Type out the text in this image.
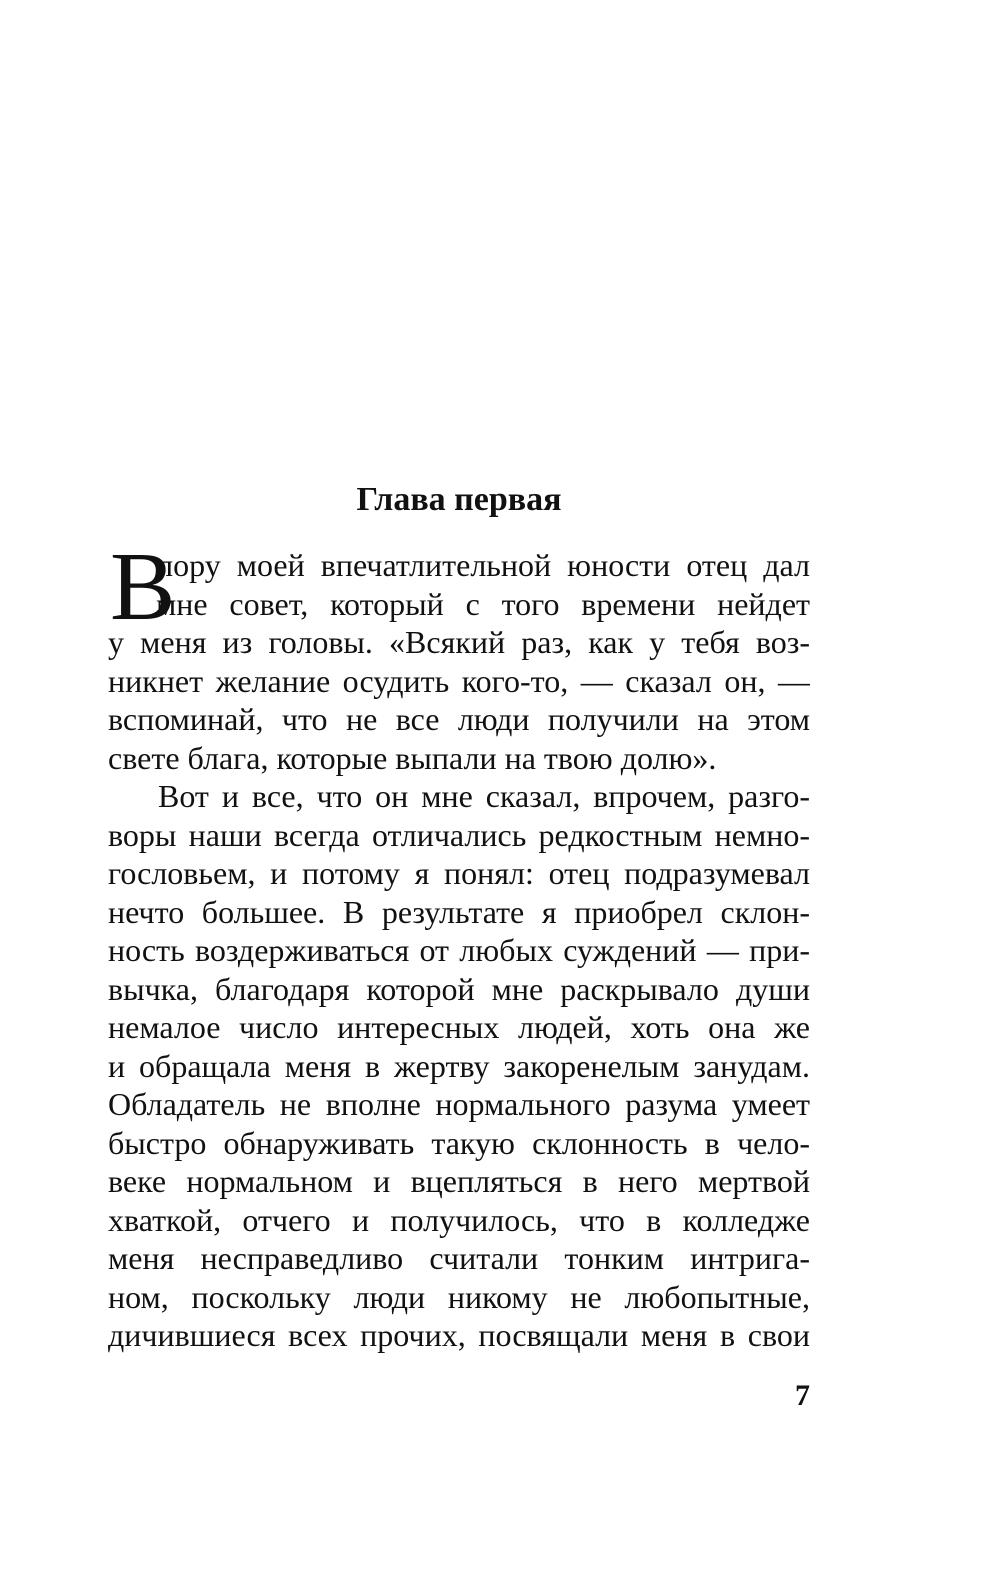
Глава первая
В
пору моей впечатлительной юности отец дал
мне совет, который с того времени нейдет
у меня из головы. «Всякий раз, как у тебя воз-
никнет желание осудить кого-то, — сказал он, —
вспоминай, что не все люди получили на этом
свете блага, которые выпали на твою долю».
Вот и все, что он мне сказал, впрочем, разго-
воры наши всегда отличались редкостным немно-
гословьем, и потому я понял: отец подразумевал
нечто большее. В результате я приобрел склон-
ность воздерживаться от любых суждений — при-
вычка, благодаря которой мне раскрывало души
немалое число интересных людей, хоть она же
и обращала меня в жертву закоренелым занудам.
Обладатель не вполне нормального разума умеет
быстро обнаруживать такую склонность в чело-
веке нормальном и вцепляться в него мертвой
хваткой, отчего и получилось, что в колледже
меня несправедливо считали тонким интрига-
ном, поскольку люди никому не любопытные,
дичившиеся всех прочих, посвящали меня в свои
7
